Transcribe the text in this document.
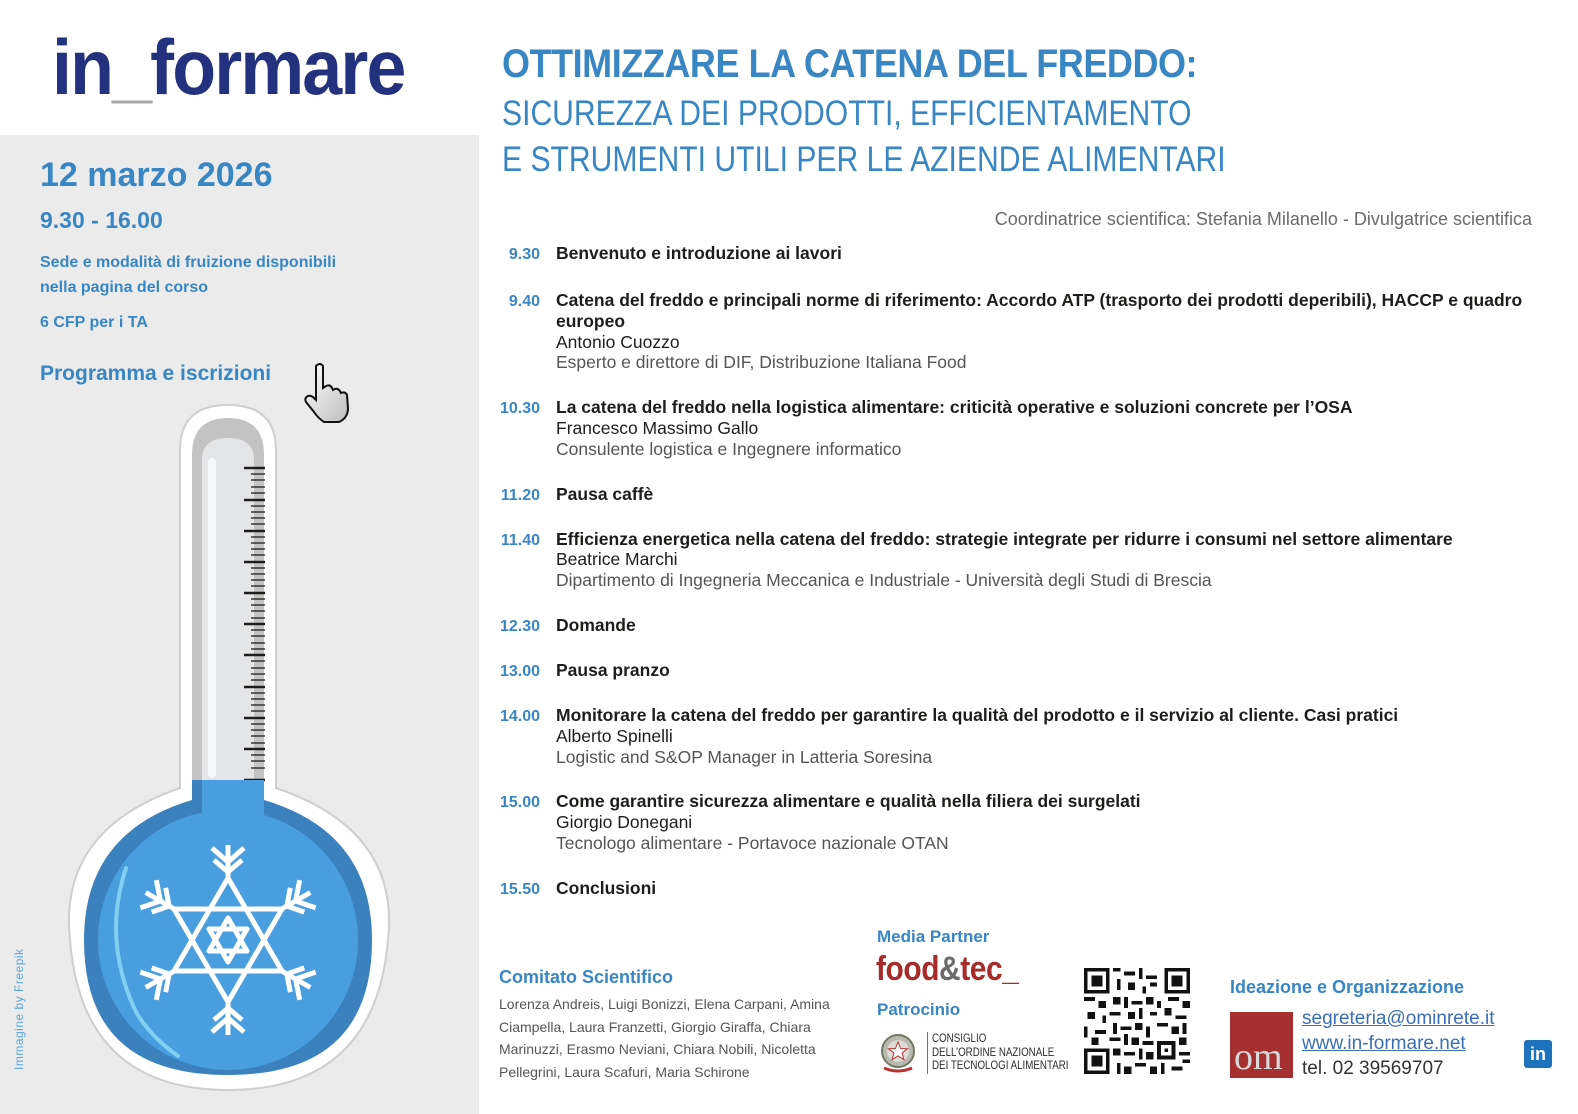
in_formare
12 marzo 2026
9.30 - 16.00
Sede e modalità di fruizione disponibili nella pagina del corso
6 CFP per i TA
Programma e iscrizioni
Immagine by Freepik
OTTIMIZZARE LA CATENA DEL FREDDO:
SICUREZZA DEI PRODOTTI, EFFICIENTAMENTO
E STRUMENTI UTILI PER LE AZIENDE ALIMENTARI
Coordinatrice scientifica: Stefania Milanello - Divulgatrice scientifica
9.30 Benvenuto e introduzione ai lavori
9.40 Catena del freddo e principali norme di riferimento: Accordo ATP (trasporto dei prodotti deperibili), HACCP e quadro europeo
Antonio Cuozzo
Esperto e direttore di DIF, Distribuzione Italiana Food
10.30 La catena del freddo nella logistica alimentare: criticità operative e soluzioni concrete per l’OSA
Francesco Massimo Gallo
Consulente logistica e Ingegnere informatico
11.20 Pausa caffè
11.40 Efficienza energetica nella catena del freddo: strategie integrate per ridurre i consumi nel settore alimentare
Beatrice Marchi
Dipartimento di Ingegneria Meccanica e Industriale - Università degli Studi di Brescia
12.30 Domande
13.00 Pausa pranzo
14.00 Monitorare la catena del freddo per garantire la qualità del prodotto e il servizio al cliente. Casi pratici
Alberto Spinelli
Logistic and S&OP Manager in Latteria Soresina
15.00 Come garantire sicurezza alimentare e qualità nella filiera dei surgelati
Giorgio Donegani
Tecnologo alimentare - Portavoce nazionale OTAN
15.50 Conclusioni
Comitato Scientifico
Lorenza Andreis, Luigi Bonizzi, Elena Carpani, Amina Ciampella, Laura Franzetti, Giorgio Giraffa, Chiara Marinuzzi, Erasmo Neviani, Chiara Nobili, Nicoletta Pellegrini, Laura Scafuri, Maria Schirone
Media Partner
food&tec_
Patrocinio
CONSIGLIO
DELL’ORDINE NAZIONALE
DEI TECNOLOGI ALIMENTARI
Ideazione e Organizzazione
om
segreteria@ominrete.it
www.in-formare.net
tel. 02 39569707
in
